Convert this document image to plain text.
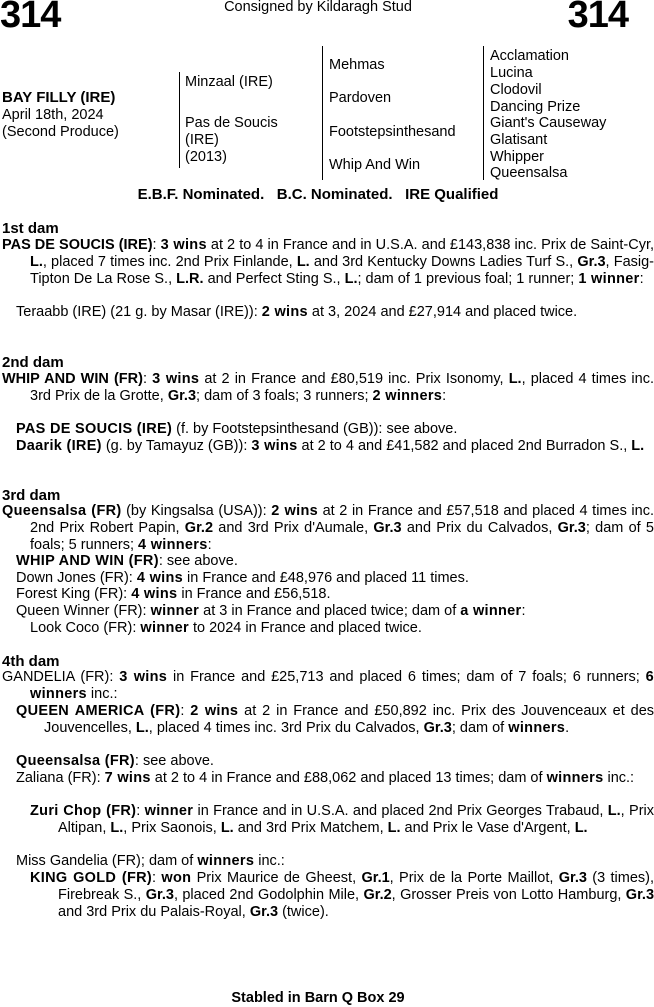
314	Consigned by Kildaragh Stud	314
BAY FILLY (IRE)
April 18th, 2024
(Second Produce)
Minzaal (IRE)
Pas de Soucis
(IRE)
(2013)
Mehmas
Pardoven
Footstepsinthesand
Whip And Win
Acclamation
Lucina
Clodovil
Dancing Prize
Giant's Causeway
Glatisant
Whipper
Queensalsa
E.B.F. Nominated.   B.C. Nominated.   IRE Qualified
1st dam
PAS DE SOUCIS (IRE): 3 wins at 2 to 4 in France and in U.S.A. and £143,838 inc. Prix de Saint-Cyr, L., placed 7 times inc. 2nd Prix Finlande, L. and 3rd Kentucky Downs Ladies Turf S., Gr.3, Fasig-Tipton De La Rose S., L.R. and Perfect Sting S., L.; dam of 1 previous foal; 1 runner; 1 winner:
Teraabb (IRE) (21 g. by Masar (IRE)): 2 wins at 3, 2024 and £27,914 and placed twice.
2nd dam
WHIP AND WIN (FR): 3 wins at 2 in France and £80,519 inc. Prix Isonomy, L., placed 4 times inc. 3rd Prix de la Grotte, Gr.3; dam of 3 foals; 3 runners; 2 winners:
PAS DE SOUCIS (IRE) (f. by Footstepsinthesand (GB)): see above.
Daarik (IRE) (g. by Tamayuz (GB)): 3 wins at 2 to 4 and £41,582 and placed 2nd Burradon S., L.
3rd dam
Queensalsa (FR) (by Kingsalsa (USA)): 2 wins at 2 in France and £57,518 and placed 4 times inc. 2nd Prix Robert Papin, Gr.2 and 3rd Prix d'Aumale, Gr.3 and Prix du Calvados, Gr.3; dam of 5 foals; 5 runners; 4 winners:
WHIP AND WIN (FR): see above.
Down Jones (FR): 4 wins in France and £48,976 and placed 11 times.
Forest King (FR): 4 wins in France and £56,518.
Queen Winner (FR): winner at 3 in France and placed twice; dam of a winner:
Look Coco (FR): winner to 2024 in France and placed twice.
4th dam
GANDELIA (FR): 3 wins in France and £25,713 and placed 6 times; dam of 7 foals; 6 runners; 6 winners inc.:
QUEEN AMERICA (FR): 2 wins at 2 in France and £50,892 inc. Prix des Jouvenceaux et des Jouvencelles, L., placed 4 times inc. 3rd Prix du Calvados, Gr.3; dam of winners.
Queensalsa (FR): see above.
Zaliana (FR): 7 wins at 2 to 4 in France and £88,062 and placed 13 times; dam of winners inc.:
Zuri Chop (FR): winner in France and in U.S.A. and placed 2nd Prix Georges Trabaud, L., Prix Altipan, L., Prix Saonois, L. and 3rd Prix Matchem, L. and Prix le Vase d'Argent, L.
Miss Gandelia (FR); dam of winners inc.:
KING GOLD (FR): won Prix Maurice de Gheest, Gr.1, Prix de la Porte Maillot, Gr.3 (3 times), Firebreak S., Gr.3, placed 2nd Godolphin Mile, Gr.2, Grosser Preis von Lotto Hamburg, Gr.3 and 3rd Prix du Palais-Royal, Gr.3 (twice).
Stabled in Barn Q Box 29
